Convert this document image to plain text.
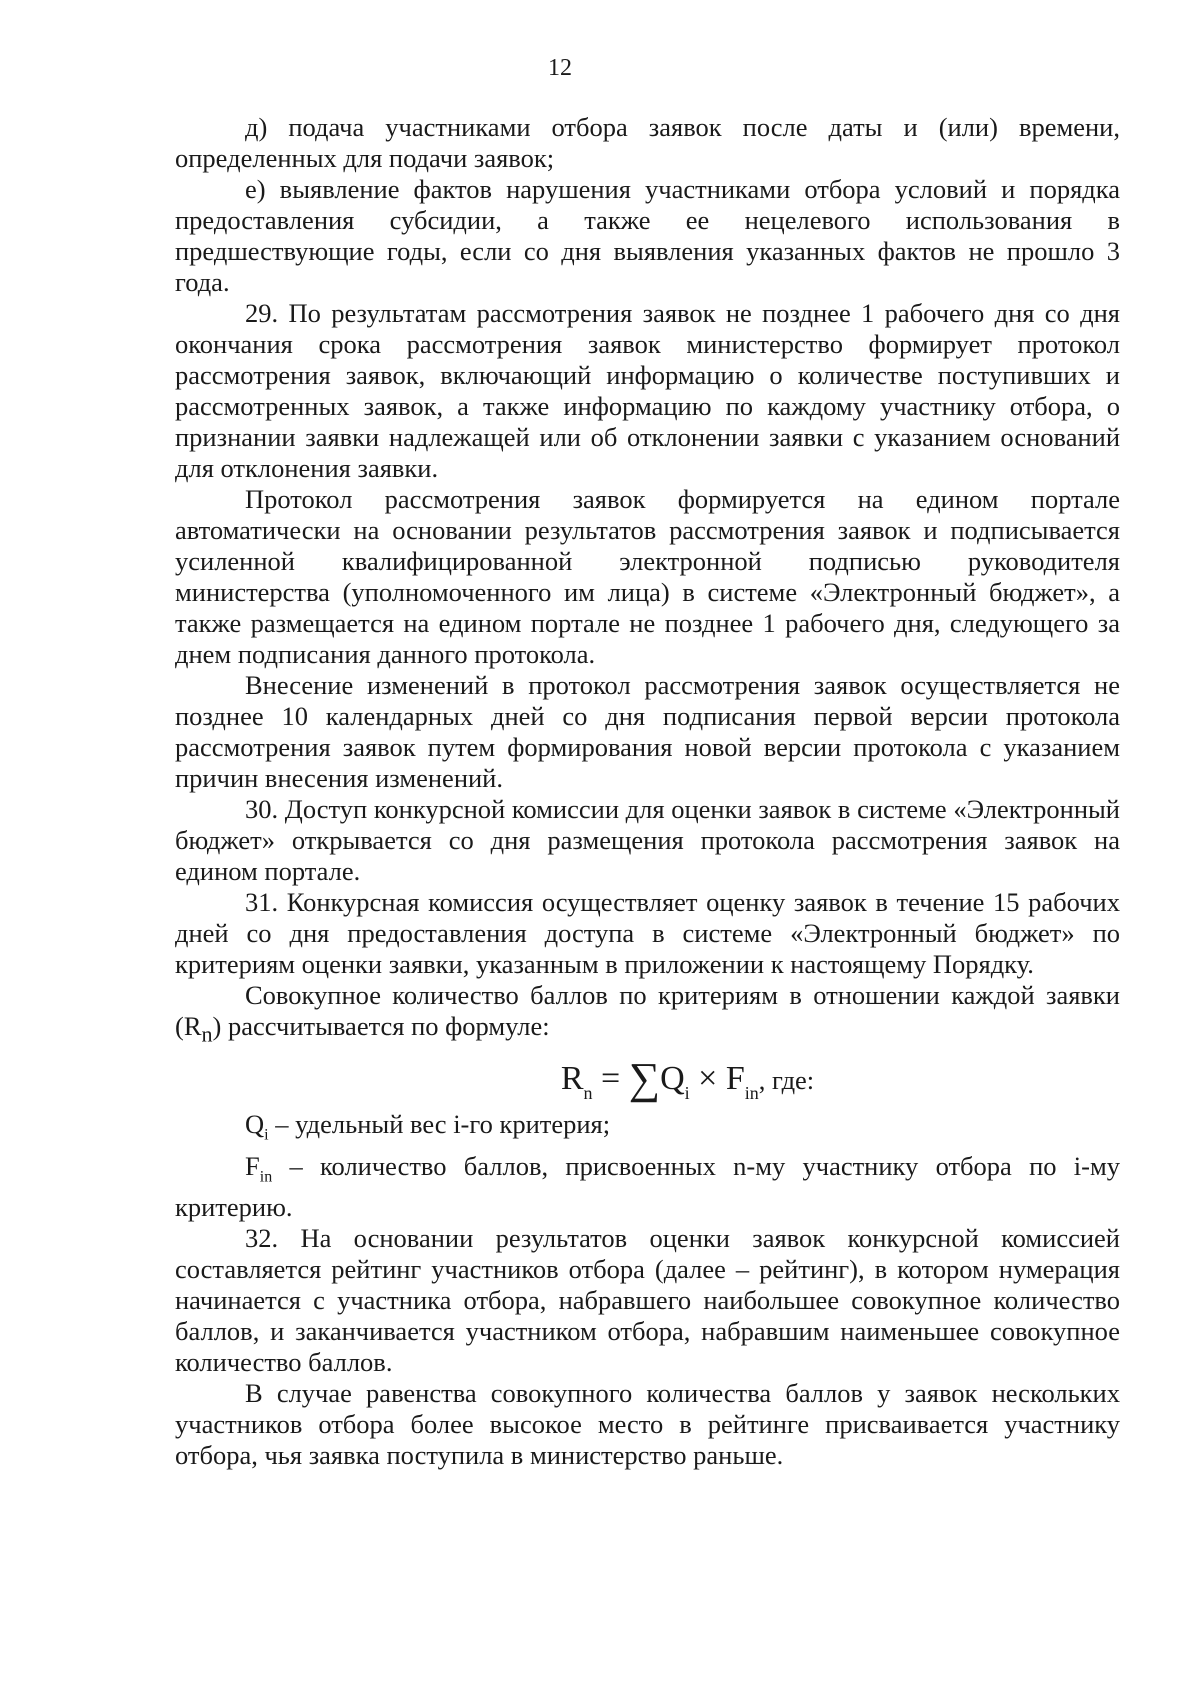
12

д) подача участниками отбора заявок после даты и (или) времени, определенных для подачи заявок;

е) выявление фактов нарушения участниками отбора условий и порядка предоставления субсидии, а также ее нецелевого использования в предшествующие годы, если со дня выявления указанных фактов не прошло 3 года.

29. По результатам рассмотрения заявок не позднее 1 рабочего дня со дня окончания срока рассмотрения заявок министерство формирует протокол рассмотрения заявок, включающий информацию о количестве поступивших и рассмотренных заявок, а также информацию по каждому участнику отбора, о признании заявки надлежащей или об отклонении заявки с указанием оснований для отклонения заявки.

Протокол рассмотрения заявок формируется на едином портале автоматически на основании результатов рассмотрения заявок и подписывается усиленной квалифицированной электронной подписью руководителя министерства (уполномоченного им лица) в системе «Электронный бюджет», а также размещается на едином портале не позднее 1 рабочего дня, следующего за днем подписания данного протокола.

Внесение изменений в протокол рассмотрения заявок осуществляется не позднее 10 календарных дней со дня подписания первой версии протокола рассмотрения заявок путем формирования новой версии протокола с указанием причин внесения изменений.

30. Доступ конкурсной комиссии для оценки заявок в системе «Электронный бюджет» открывается со дня размещения протокола рассмотрения заявок на едином портале.

31. Конкурсная комиссия осуществляет оценку заявок в течение 15 рабочих дней со дня предоставления доступа в системе «Электронный бюджет» по критериям оценки заявки, указанным в приложении к настоящему Порядку.

Совокупное количество баллов по критериям в отношении каждой заявки $(R_n)$ рассчитывается по формуле:

$R_n = \sum Q_i \times F_{in}$, где:

$Q_i$ – удельный вес i-го критерия;

$F_{in}$ – количество баллов, присвоенных n-му участнику отбора по i-му критерию.

32. На основании результатов оценки заявок конкурсной комиссией составляется рейтинг участников отбора (далее – рейтинг), в котором нумерация начинается с участника отбора, набравшего наибольшее совокупное количество баллов, и заканчивается участником отбора, набравшим наименьшее совокупное количество баллов.

В случае равенства совокупного количества баллов у заявок нескольких участников отбора более высокое место в рейтинге присваивается участнику отбора, чья заявка поступила в министерство раньше.
